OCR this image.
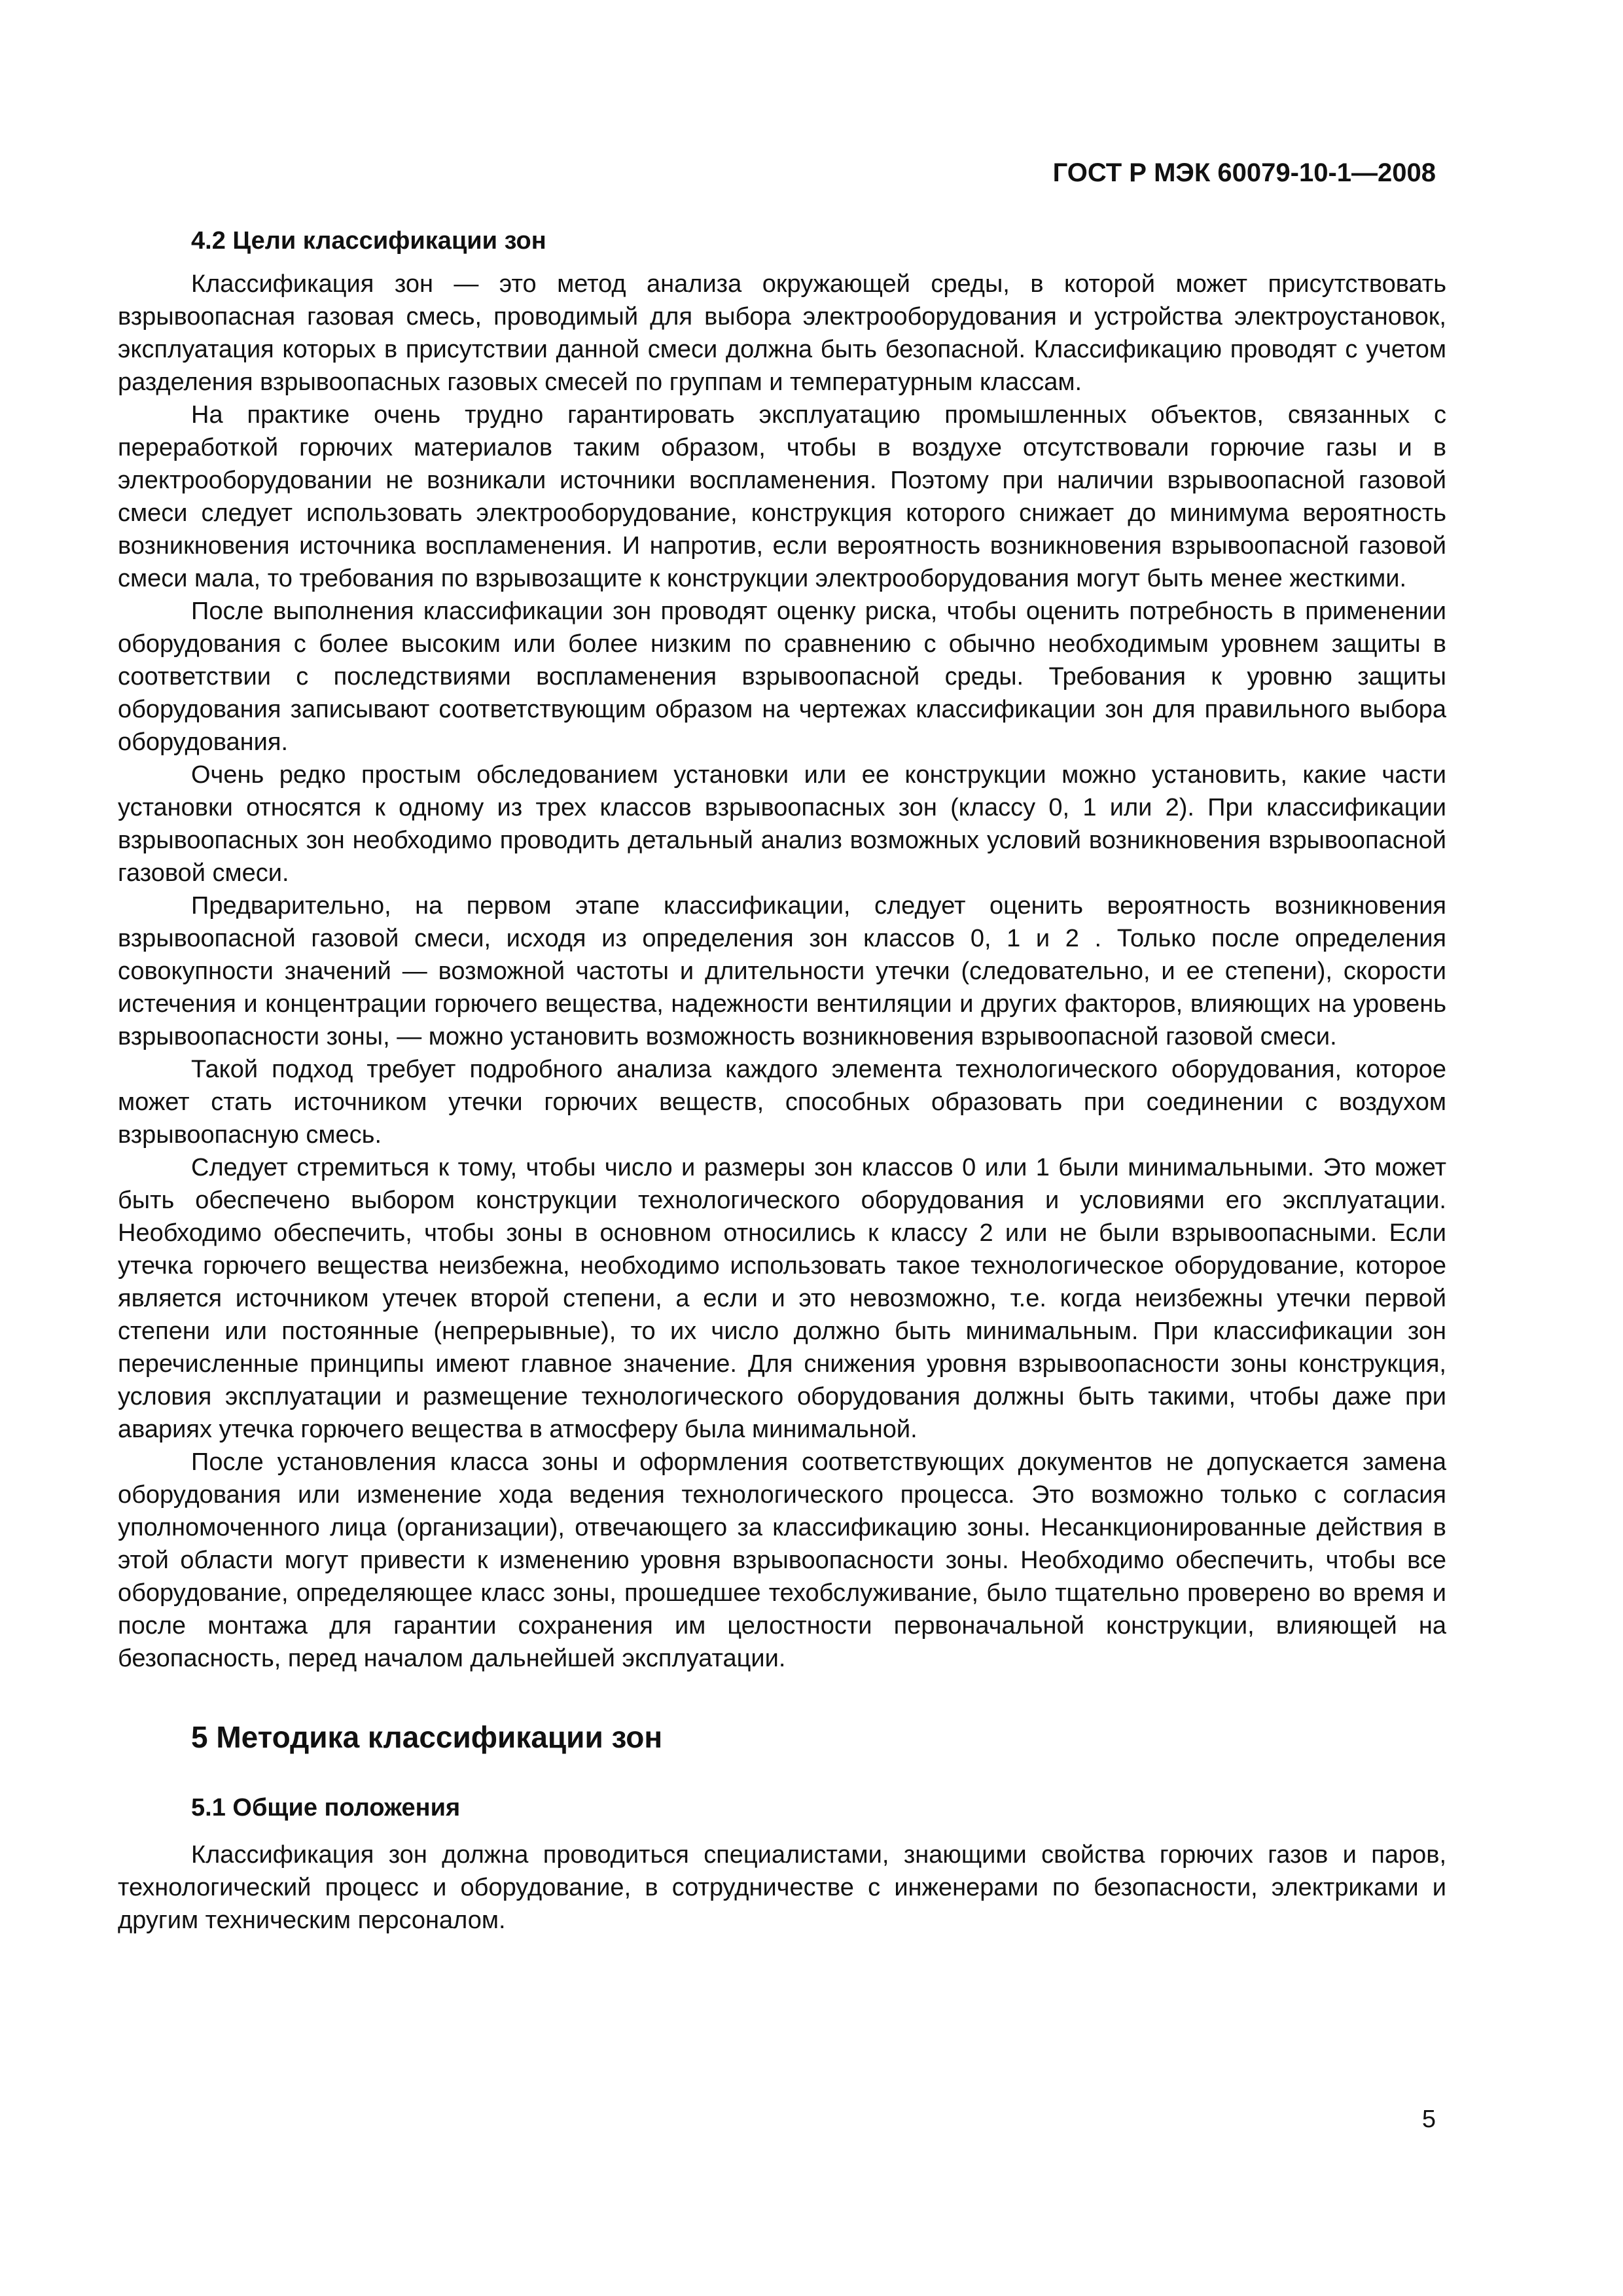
ГОСТ Р МЭК 60079-10-1—2008
4.2 Цели классификации зон

Классификация зон — это метод анализа окружающей среды, в которой может присутствовать взрывоопасная газовая смесь, проводимый для выбора электрооборудования и устройства электроустановок, эксплуатация которых в присутствии данной смеси должна быть безопасной. Классификацию проводят с учетом разделения взрывоопасных газовых смесей по группам и температурным классам.

На практике очень трудно гарантировать эксплуатацию промышленных объектов, связанных с переработкой горючих материалов таким образом, чтобы в воздухе отсутствовали горючие газы и в электрооборудовании не возникали источники воспламенения. Поэтому при наличии взрывоопасной газовой смеси следует использовать электрооборудование, конструкция которого снижает до минимума вероятность возникновения источника воспламенения. И напротив, если вероятность возникновения взрывоопасной газовой смеси мала, то требования по взрывозащите к конструкции электрооборудования могут быть менее жесткими.

После выполнения классификации зон проводят оценку риска, чтобы оценить потребность в применении оборудования с более высоким или более низким по сравнению с обычно необходимым уровнем защиты в соответствии с последствиями воспламенения взрывоопасной среды. Требования к уровню защиты оборудования записывают соответствующим образом на чертежах классификации зон для правильного выбора оборудования.

Очень редко простым обследованием установки или ее конструкции можно установить, какие части установки относятся к одному из трех классов взрывоопасных зон (классу 0, 1 или 2). При классификации взрывоопасных зон необходимо проводить детальный анализ возможных условий возникновения взрывоопасной газовой смеси.

Предварительно, на первом этапе классификации, следует оценить вероятность возникновения взрывоопасной газовой смеси, исходя из определения зон классов 0, 1 и 2 . Только после определения совокупности значений — возможной частоты и длительности утечки (следовательно, и ее степени), скорости истечения и концентрации горючего вещества, надежности вентиляции и других факторов, влияющих на уровень взрывоопасности зоны, — можно установить возможность возникновения взрывоопасной газовой смеси.

Такой подход требует подробного анализа каждого элемента технологического оборудования, которое может стать источником утечки горючих веществ, способных образовать при соединении с воздухом взрывоопасную смесь.

Следует стремиться к тому, чтобы число и размеры зон классов 0 или 1 были минимальными. Это может быть обеспечено выбором конструкции технологического оборудования и условиями его эксплуатации. Необходимо обеспечить, чтобы зоны в основном относились к классу 2 или не были взрывоопасными. Если утечка горючего вещества неизбежна, необходимо использовать такое технологическое оборудование, которое является источником утечек второй степени, а если и это невозможно, т.е. когда неизбежны утечки первой степени или постоянные (непрерывные), то их число должно быть минимальным. При классификации зон перечисленные принципы имеют главное значение. Для снижения уровня взрывоопасности зоны конструкция, условия эксплуатации и размещение технологического оборудования должны быть такими, чтобы даже при авариях утечка горючего вещества в атмосферу была минимальной.

После установления класса зоны и оформления соответствующих документов не допускается замена оборудования или изменение хода ведения технологического процесса. Это возможно только с согласия уполномоченного лица (организации), отвечающего за классификацию зоны. Несанкционированные действия в этой области могут привести к изменению уровня взрывоопасности зоны. Необходимо обеспечить, чтобы все оборудование, определяющее класс зоны, прошедшее техобслуживание, было тщательно проверено во время и после монтажа для гарантии сохранения им целостности первоначальной конструкции, влияющей на безопасность, перед началом дальнейшей эксплуатации.

5 Методика классификации зон
5.1 Общие положения

Классификация зон должна проводиться специалистами, знающими свойства горючих газов и паров, технологический процесс и оборудование, в сотрудничестве с инженерами по безопасности, электриками и другим техническим персоналом.

5
